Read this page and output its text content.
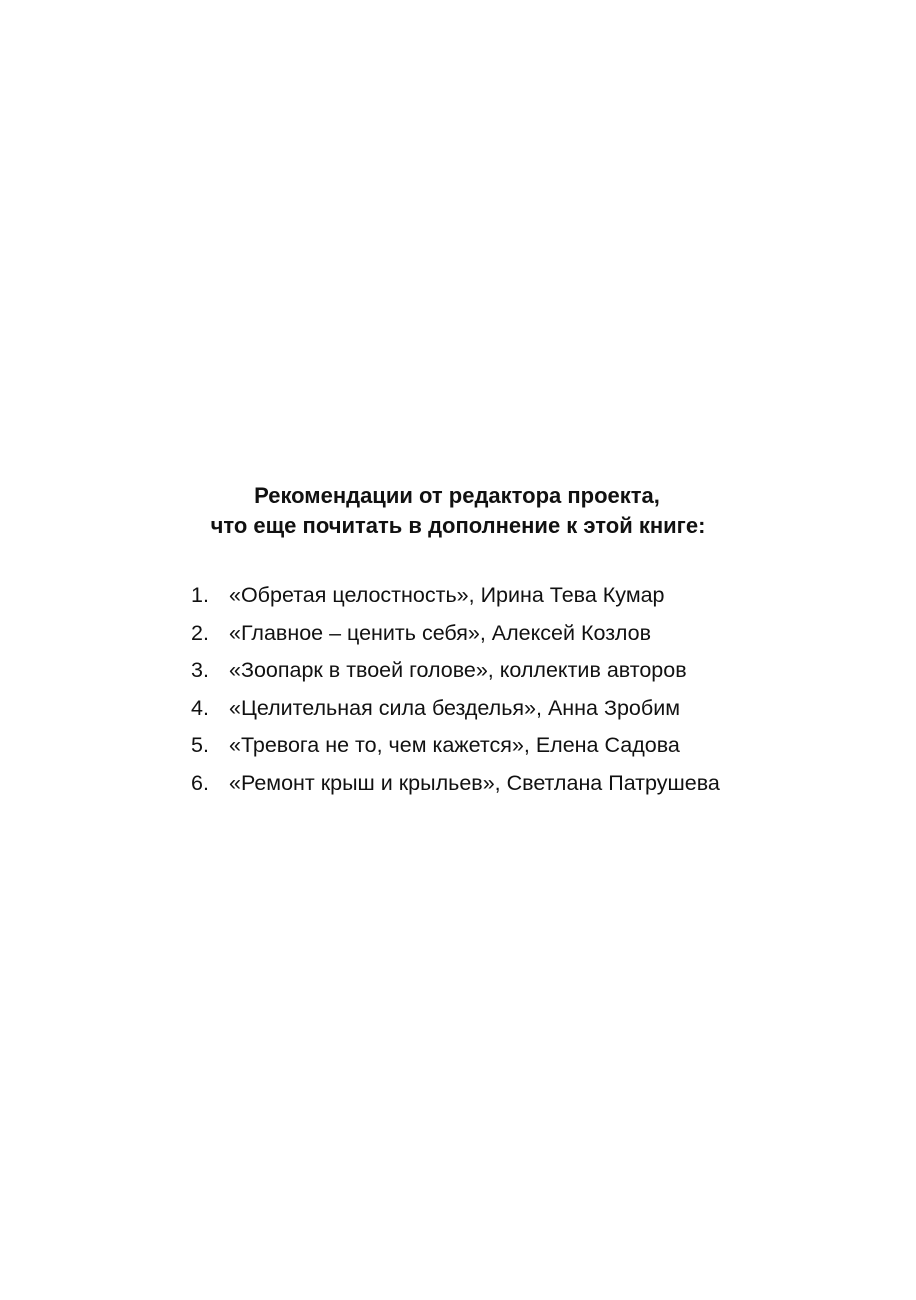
Рекомендации от редактора проекта,
что еще почитать в дополнение к этой книге:
1. «Обретая целостность», Ирина Тева Кумар
2. «Главное – ценить себя», Алексей Козлов
3. «Зоопарк в твоей голове», коллектив авторов
4. «Целительная сила безделья», Анна Зробим
5. «Тревога не то, чем кажется», Елена Садова
6. «Ремонт крыш и крыльев», Светлана Патрушева
